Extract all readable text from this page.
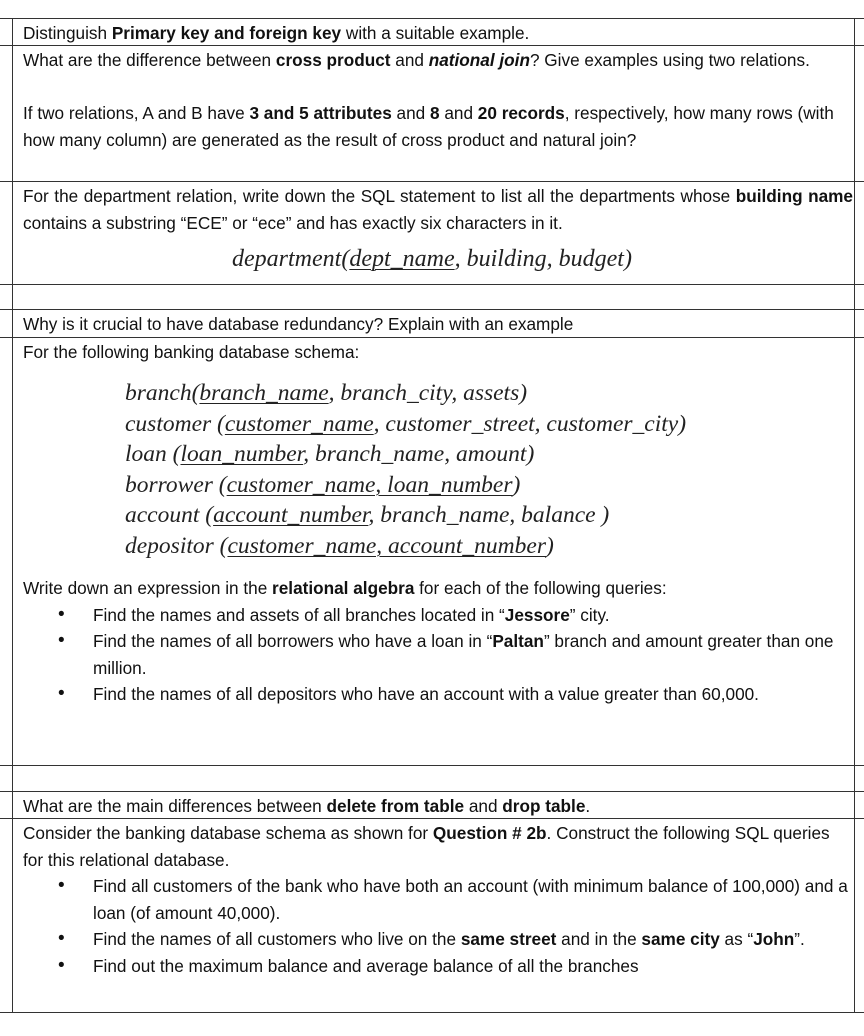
Distinguish Primary key and foreign key with a suitable example.
What are the difference between cross product and national join? Give examples using two relations.
If two relations, A and B have 3 and 5 attributes and 8 and 20 records, respectively, how many rows (with how many column) are generated as the result of cross product and natural join?
For the department relation, write down the SQL statement to list all the departments whose building name contains a substring “ECE” or “ece” and has exactly six characters in it.
department(dept_name, building, budget)
Why is it crucial to have database redundancy? Explain with an example
For the following banking database schema:
branch(branch_name, branch_city, assets)
customer (customer_name, customer_street, customer_city)
loan (loan_number, branch_name, amount)
borrower (customer_name, loan_number)
account (account_number, branch_name, balance )
depositor (customer_name, account_number)

Write down an expression in the relational algebra for each of the following queries:

• Find the names and assets of all branches located in “Jessore” city.
• Find the names of all borrowers who have a loan in “Paltan” branch and amount greater than one million.
• Find the names of all depositors who have an account with a value greater than 60,000.
What are the main differences between delete from table and drop table.

Consider the banking database schema as shown for Question # 2b. Construct the following SQL queries for this relational database.

• Find all customers of the bank who have both an account (with minimum balance of 100,000) and a loan (of amount 40,000).
• Find the names of all customers who live on the same street and in the same city as “John”.
• Find out the maximum balance and average balance of all the branches
